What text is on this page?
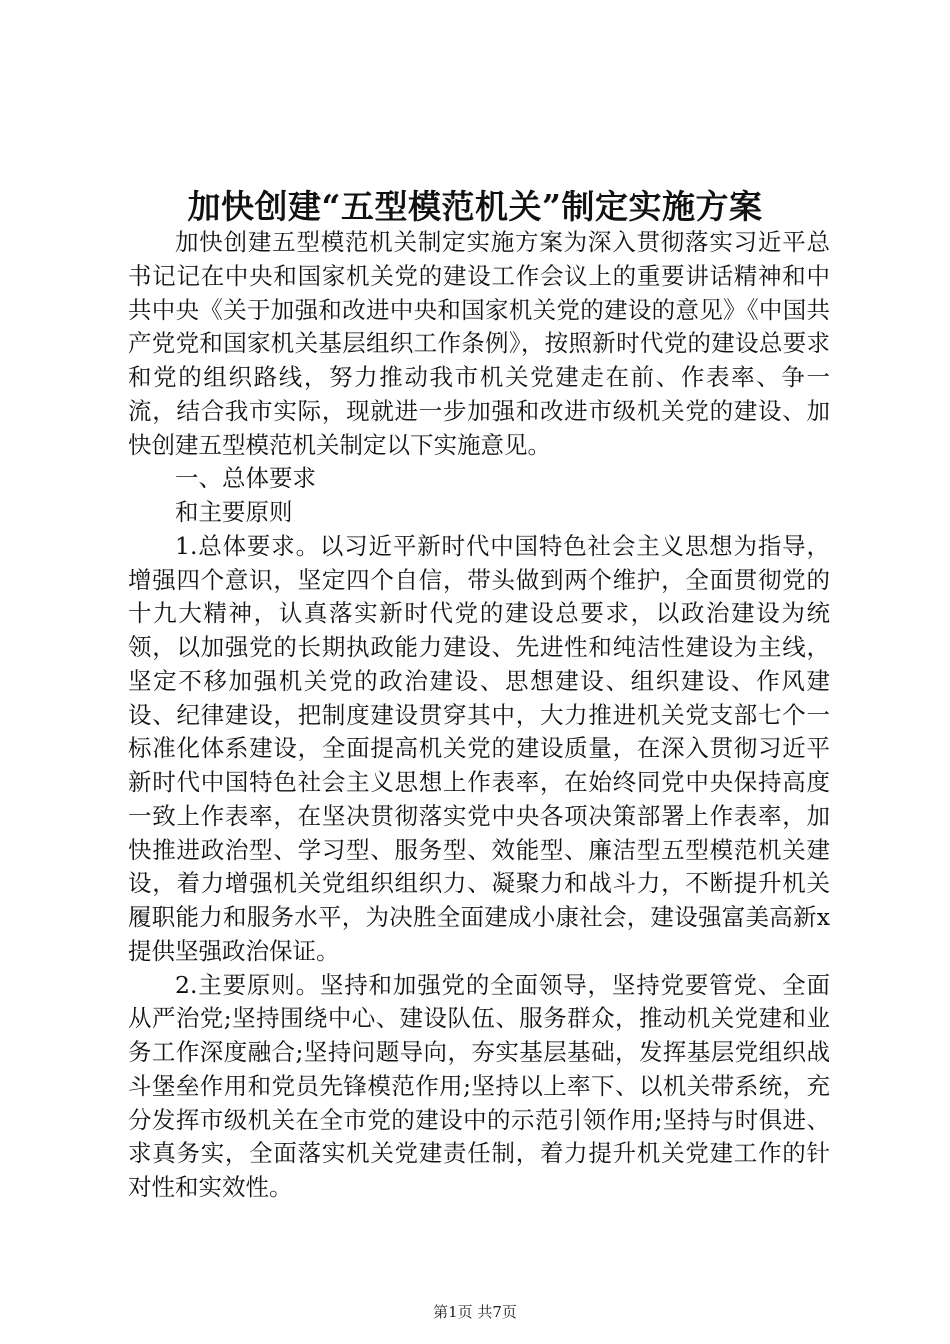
加快创建“五型模范机关”制定实施方案

加快创建五型模范机关制定实施方案为深入贯彻落实习近平总书记记在中央和国家机关党的建设工作会议上的重要讲话精神和中共中央《关于加强和改进中央和国家机关党的建设的意见》《中国共产党党和国家机关基层组织工作条例》，按照新时代党的建设总要求和党的组织路线，努力推动我市机关党建走在前、作表率、争一流，结合我市实际，现就进一步加强和改进市级机关党的建设、加快创建五型模范机关制定以下实施意见。

一、总体要求

和主要原则

1.总体要求。以习近平新时代中国特色社会主义思想为指导，增强四个意识，坚定四个自信，带头做到两个维护，全面贯彻党的十九大精神，认真落实新时代党的建设总要求，以政治建设为统领，以加强党的长期执政能力建设、先进性和纯洁性建设为主线，坚定不移加强机关党的政治建设、思想建设、组织建设、作风建设、纪律建设，把制度建设贯穿其中，大力推进机关党支部七个一标准化体系建设，全面提高机关党的建设质量，在深入贯彻习近平新时代中国特色社会主义思想上作表率，在始终同党中央保持高度一致上作表率，在坚决贯彻落实党中央各项决策部署上作表率，加快推进政治型、学习型、服务型、效能型、廉洁型五型模范机关建设，着力增强机关党组织组织力、凝聚力和战斗力，不断提升机关履职能力和服务水平，为决胜全面建成小康社会，建设强富美高新x提供坚强政治保证。

2.主要原则。坚持和加强党的全面领导，坚持党要管党、全面从严治党;坚持围绕中心、建设队伍、服务群众，推动机关党建和业务工作深度融合;坚持问题导向，夯实基层基础，发挥基层党组织战斗堡垒作用和党员先锋模范作用;坚持以上率下、以机关带系统，充分发挥市级机关在全市党的建设中的示范引领作用;坚持与时俱进、求真务实，全面落实机关党建责任制，着力提升机关党建工作的针对性和实效性。

第1页 共7页
